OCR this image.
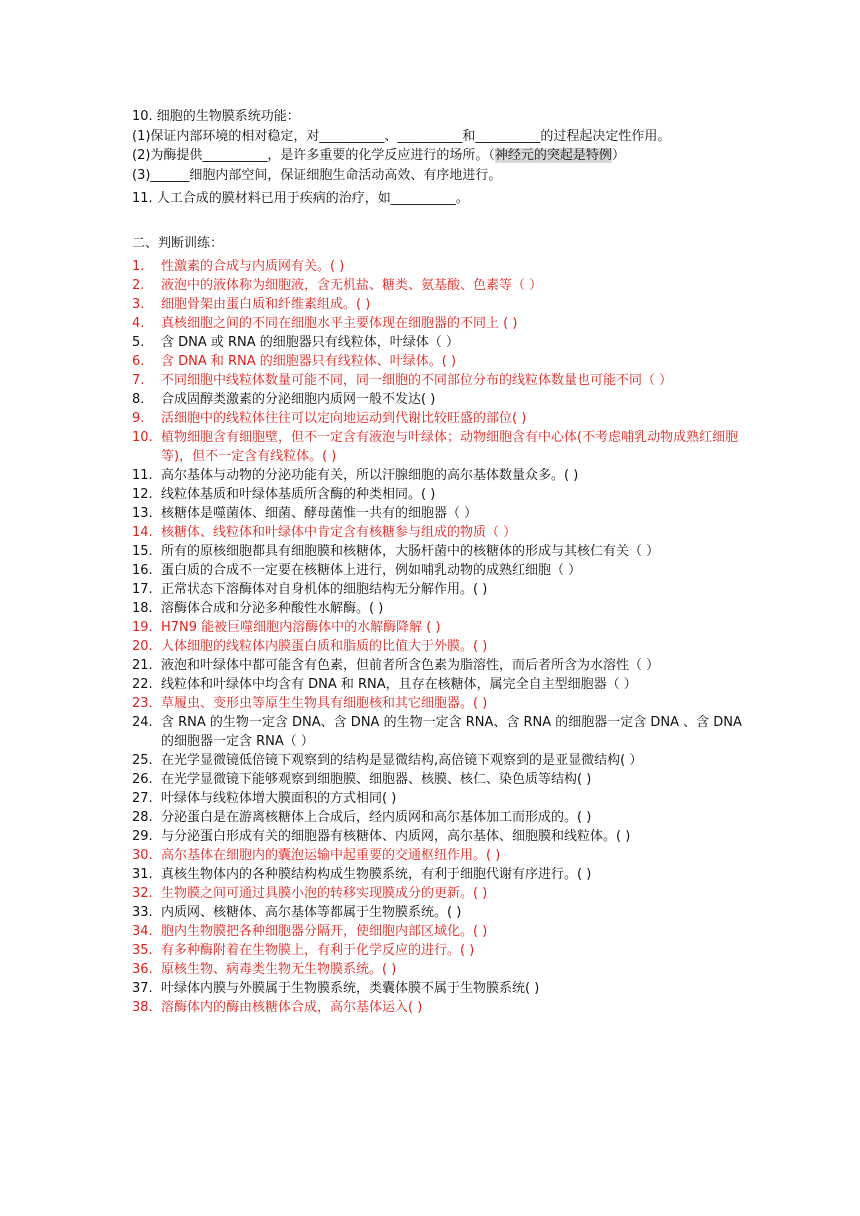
10. 细胞的生物膜系统功能：
(1)保证内部环境的相对稳定，对__________、__________和__________的过程起决定性作用。
(2)为酶提供__________，是许多重要的化学反应进行的场所。（神经元的突起是特例）
(3)______细胞内部空间，保证细胞生命活动高效、有序地进行。
11. 人工合成的膜材料已用于疾病的治疗，如__________。
二、判断训练：
1. 性激素的合成与内质网有关。( )
2. 液泡中的液体称为细胞液，含无机盐、糖类、氨基酸、色素等（ ）
3. 细胞骨架由蛋白质和纤维素组成。( )
4. 真核细胞之间的不同在细胞水平主要体现在细胞器的不同上 ( )
5. 含 DNA 或 RNA 的细胞器只有线粒体，叶绿体（ ）
6. 含 DNA 和 RNA 的细胞器只有线粒体、叶绿体。( )
7. 不同细胞中线粒体数量可能不同，同一细胞的不同部位分布的线粒体数量也可能不同（ ）
8. 合成固醇类激素的分泌细胞内质网一般不发达( )
9. 活细胞中的线粒体往往可以定向地运动到代谢比较旺盛的部位( )
10. 植物细胞含有细胞壁，但不一定含有液泡与叶绿体；动物细胞含有中心体(不考虑哺乳动物成熟红细胞等)，但不一定含有线粒体。( )
11. 高尔基体与动物的分泌功能有关，所以汗腺细胞的高尔基体数量众多。( )
12. 线粒体基质和叶绿体基质所含酶的种类相同。( )
13. 核糖体是噬菌体、细菌、酵母菌惟一共有的细胞器（ ）
14. 核糖体、线粒体和叶绿体中肯定含有核糖参与组成的物质（ ）
15. 所有的原核细胞都具有细胞膜和核糖体，大肠杆菌中的核糖体的形成与其核仁有关（ ）
16. 蛋白质的合成不一定要在核糖体上进行，例如哺乳动物的成熟红细胞（ ）
17. 正常状态下溶酶体对自身机体的细胞结构无分解作用。( )
18. 溶酶体合成和分泌多种酸性水解酶。( )
19. H7N9 能被巨噬细胞内溶酶体中的水解酶降解 ( )
20. 人体细胞的线粒体内膜蛋白质和脂质的比值大于外膜。( )
21. 液泡和叶绿体中都可能含有色素，但前者所含色素为脂溶性，而后者所含为水溶性（ ）
22. 线粒体和叶绿体中均含有 DNA 和 RNA，且存在核糖体，属完全自主型细胞器（ ）
23. 草履虫、变形虫等原生生物具有细胞核和其它细胞器。( )
24. 含 RNA 的生物一定含 DNA、含 DNA 的生物一定含 RNA、含 RNA 的细胞器一定含 DNA 、含 DNA 的细胞器一定含 RNA（ ）
25. 在光学显微镜低倍镜下观察到的结构是显微结构,高倍镜下观察到的是亚显微结构( ）
26. 在光学显微镜下能够观察到细胞膜、细胞器、核膜、核仁、染色质等结构( )
27. 叶绿体与线粒体增大膜面积的方式相同( )
28. 分泌蛋白是在游离核糖体上合成后，经内质网和高尔基体加工而形成的。( )
29. 与分泌蛋白形成有关的细胞器有核糖体、内质网，高尔基体、细胞膜和线粒体。( )
30. 高尔基体在细胞内的囊泡运输中起重要的交通枢纽作用。( )
31. 真核生物体内的各种膜结构构成生物膜系统，有利于细胞代谢有序进行。( )
32. 生物膜之间可通过具膜小泡的转移实现膜成分的更新。( )
33. 内质网、核糖体、高尔基体等都属于生物膜系统。( )
34. 胞内生物膜把各种细胞器分隔开，使细胞内部区域化。( )
35. 有多种酶附着在生物膜上，有利于化学反应的进行。( )
36. 原核生物、病毒类生物无生物膜系统。( )
37. 叶绿体内膜与外膜属于生物膜系统，类囊体膜不属于生物膜系统( )
38. 溶酶体内的酶由核糖体合成，高尔基体运入( )
